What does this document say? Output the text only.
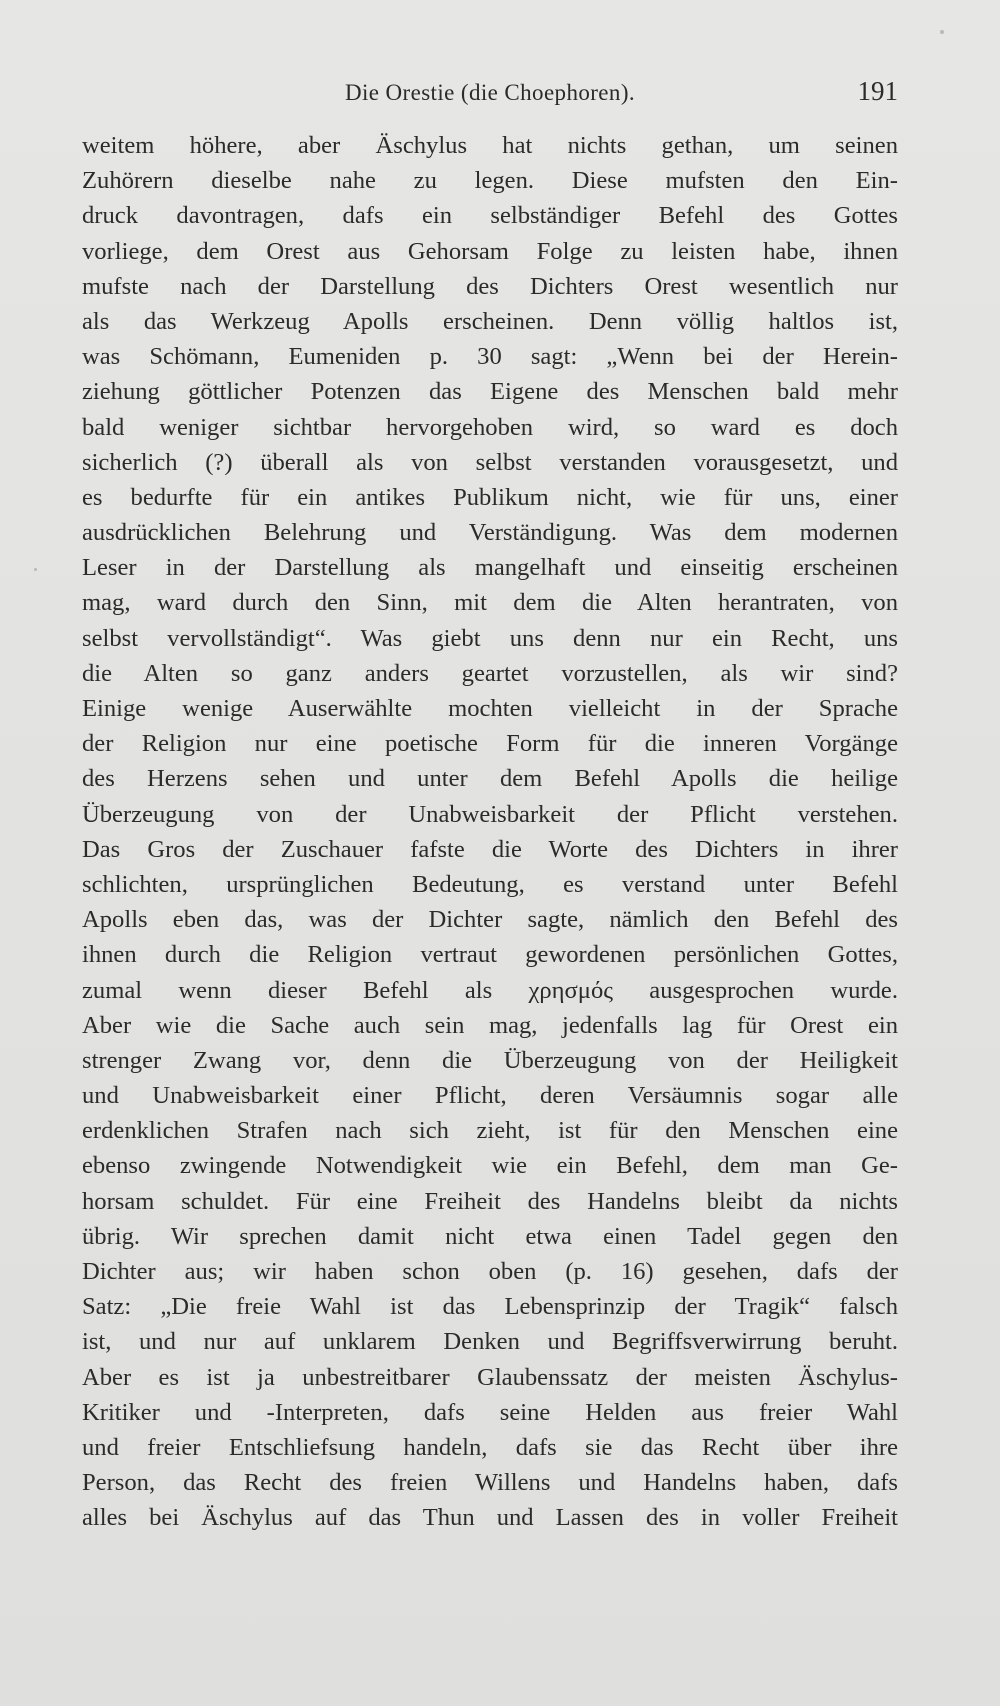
Die Orestie (die Choephoren).	191
weitem höhere, aber Äschylus hat nichts gethan, um seinen
Zuhörern dieselbe nahe zu legen. Diese mufsten den Ein-
druck davontragen, dafs ein selbständiger Befehl des Gottes
vorliege, dem Orest aus Gehorsam Folge zu leisten habe, ihnen
mufste nach der Darstellung des Dichters Orest wesentlich nur
als das Werkzeug Apolls erscheinen. Denn völlig haltlos ist,
was Schömann, Eumeniden p. 30 sagt: „Wenn bei der Herein-
ziehung göttlicher Potenzen das Eigene des Menschen bald mehr
bald weniger sichtbar hervorgehoben wird, so ward es doch
sicherlich (?) überall als von selbst verstanden vorausgesetzt, und
es bedurfte für ein antikes Publikum nicht, wie für uns, einer
ausdrücklichen Belehrung und Verständigung. Was dem modernen
Leser in der Darstellung als mangelhaft und einseitig erscheinen
mag, ward durch den Sinn, mit dem die Alten herantraten, von
selbst vervollständigt“. Was giebt uns denn nur ein Recht, uns
die Alten so ganz anders geartet vorzustellen, als wir sind?
Einige wenige Auserwählte mochten vielleicht in der Sprache
der Religion nur eine poetische Form für die inneren Vorgänge
des Herzens sehen und unter dem Befehl Apolls die heilige
Überzeugung von der Unabweisbarkeit der Pflicht verstehen.
Das Gros der Zuschauer fafste die Worte des Dichters in ihrer
schlichten, ursprünglichen Bedeutung, es verstand unter Befehl
Apolls eben das, was der Dichter sagte, nämlich den Befehl des
ihnen durch die Religion vertraut gewordenen persönlichen Gottes,
zumal wenn dieser Befehl als χρησμός ausgesprochen wurde.
Aber wie die Sache auch sein mag, jedenfalls lag für Orest ein
strenger Zwang vor, denn die Überzeugung von der Heiligkeit
und Unabweisbarkeit einer Pflicht, deren Versäumnis sogar alle
erdenklichen Strafen nach sich zieht, ist für den Menschen eine
ebenso zwingende Notwendigkeit wie ein Befehl, dem man Ge-
horsam schuldet. Für eine Freiheit des Handelns bleibt da nichts
übrig. Wir sprechen damit nicht etwa einen Tadel gegen den
Dichter aus; wir haben schon oben (p. 16) gesehen, dafs der
Satz: „Die freie Wahl ist das Lebensprinzip der Tragik“ falsch
ist, und nur auf unklarem Denken und Begriffsverwirrung beruht.
Aber es ist ja unbestreitbarer Glaubenssatz der meisten Äschylus-
Kritiker und -Interpreten, dafs seine Helden aus freier Wahl
und freier Entschliefsung handeln, dafs sie das Recht über ihre
Person, das Recht des freien Willens und Handelns haben, dafs
alles bei Äschylus auf das Thun und Lassen des in voller Freiheit
